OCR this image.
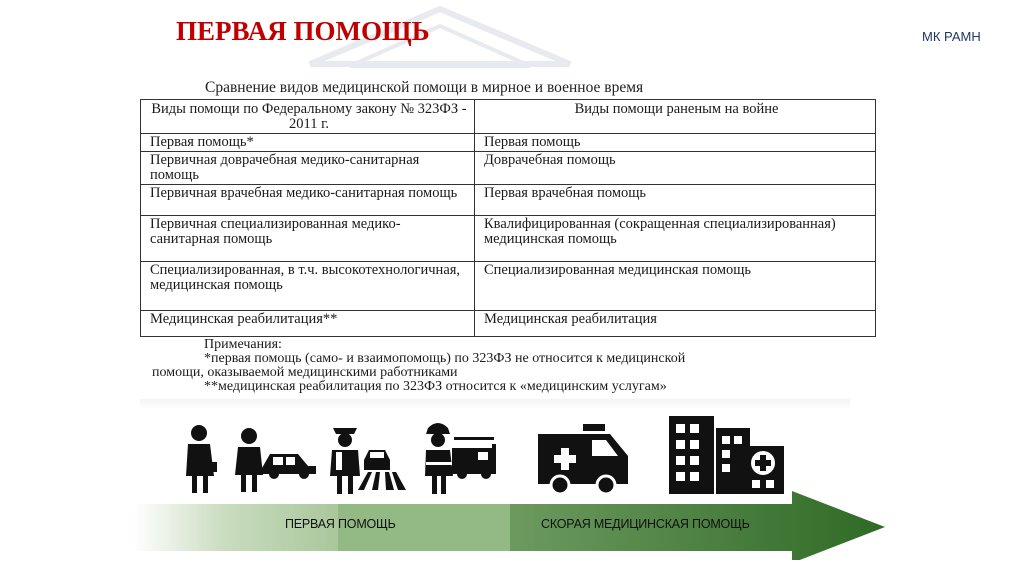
ПЕРВАЯ ПОМОЩЬ	МК РАМН
Сравнение видов медицинской помощи в мирное и военное время
Виды помощи по Федеральному закону № 323ФЗ - 2011 г.	Виды помощи раненым на войне
Первая помощь*	Первая помощь
Первичная доврачебная медико-санитарная помощь	Доврачебная помощь
Первичная врачебная медико-санитарная помощь	Первая врачебная помощь
Первичная специализированная медико-санитарная помощь	Квалифицированная (сокращенная специализированная) медицинская помощь
Специализированная, в т.ч. высокотехнологичная, медицинская помощь	Специализированная медицинская помощь
Медицинская реабилитация**	Медицинская реабилитация
Примечания:
*первая помощь (само- и взаимопомощь) по 323ФЗ не относится к медицинской
помощи, оказываемой медицинскими работниками
**медицинская реабилитация по 323ФЗ относится к «медицинским услугам»
ПЕРВАЯ ПОМОЩЬ	СКОРАЯ МЕДИЦИНСКАЯ ПОМОЩЬ
